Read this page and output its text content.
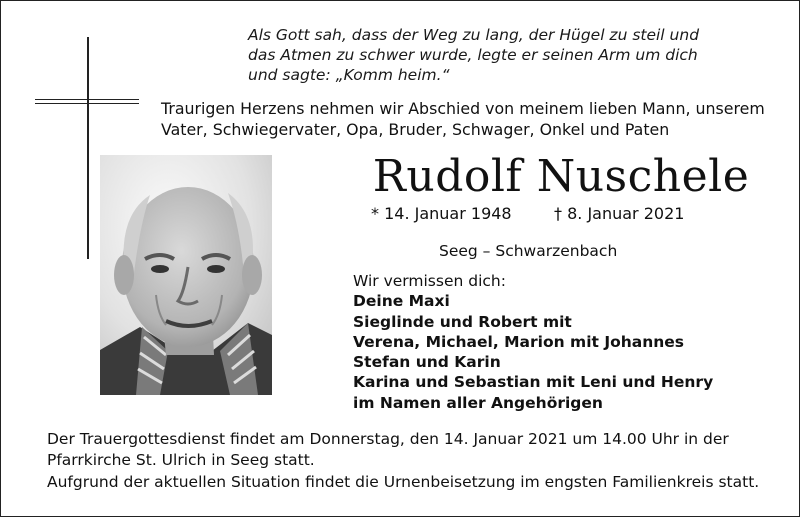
Als Gott sah, dass der Weg zu lang, der Hügel zu steil und
das Atmen zu schwer wurde, legte er seinen Arm um dich
und sagte: „Komm heim.“
Traurigen Herzens nehmen wir Abschied von meinem lieben Mann, unserem
Vater, Schwiegervater, Opa, Bruder, Schwager, Onkel und Paten
Rudolf Nuschele
* 14. Januar 1948	† 8. Januar 2021
Seeg – Schwarzenbach
Wir vermissen dich:
Deine Maxi
Sieglinde und Robert mit
Verena, Michael, Marion mit Johannes
Stefan und Karin
Karina und Sebastian mit Leni und Henry
im Namen aller Angehörigen
Der Trauergottesdienst findet am Donnerstag, den 14. Januar 2021 um 14.00 Uhr in der
Pfarrkirche St. Ulrich in Seeg statt.
Aufgrund der aktuellen Situation findet die Urnenbeisetzung im engsten Familienkreis statt.
